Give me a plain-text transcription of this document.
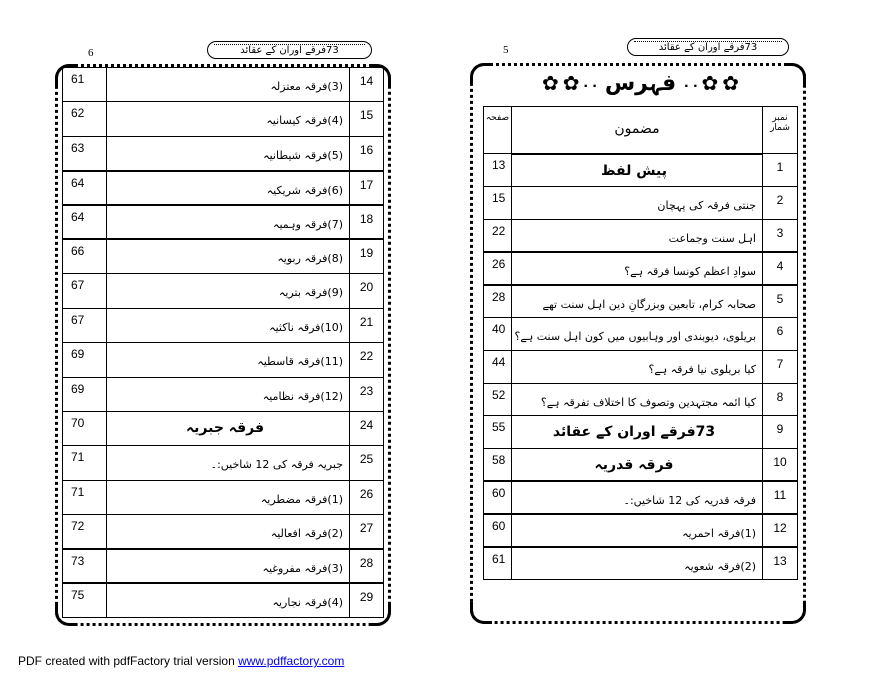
6	73فرقے اوران کے عقائد
61	(3)فرقہ معتزلہ	14
62	(4)فرقہ کیسانیہ	15
63	(5)فرقہ شیطانیہ	16
64	(6)فرقہ شریکیہ	17
64	(7)فرقہ وہمیہ	18
66	(8)فرقہ ربویہ	19
67	(9)فرقہ بتریہ	20
67	(10)فرقہ ناکثیہ	21
69	(11)فرقہ قاسطیہ	22
69	(12)فرقہ نظامیہ	23
70	فرقہ جبریہ	24
71	جبریہ فرقہ کی 12 شاخیں:۔	25
71	(1)فرقہ مضطریہ	26
72	(2)فرقہ افعالیہ	27
73	(3)فرقہ مفروغیہ	28
75	(4)فرقہ نجاریہ	29
5	73فرقے اوران کے عقائد
✿ ✿ . . فہرس . . ✿ ✿
صفحہ	مضمون	نمبر شمار
13	پیش لفظ	1
15	جنتی فرقہ کی پہچان	2
22	اہل سنت وجماعت	3
26	سوادِ اعظم کونسا فرقہ ہے؟	4
28	صحابہ کرام، تابعین وبزرگانِ دین اہل سنت تھے	5
40	بریلوی، دیوبندی اور وہابیوں میں کون اہل سنت ہے؟	6
44	کیا بریلوی نیا فرقہ ہے؟	7
52	کیا ائمہ مجتہدین وتصوف کا اختلاف تفرقہ ہے؟	8
55	73فرقے اوران کے عقائد	9
58	فرقہ قدریہ	10
60	فرقہ قدریہ کی 12 شاخیں:۔	11
60	(1)فرقہ احمریہ	12
61	(2)فرقہ شعویہ	13
PDF created with pdfFactory trial version www.pdffactory.com
